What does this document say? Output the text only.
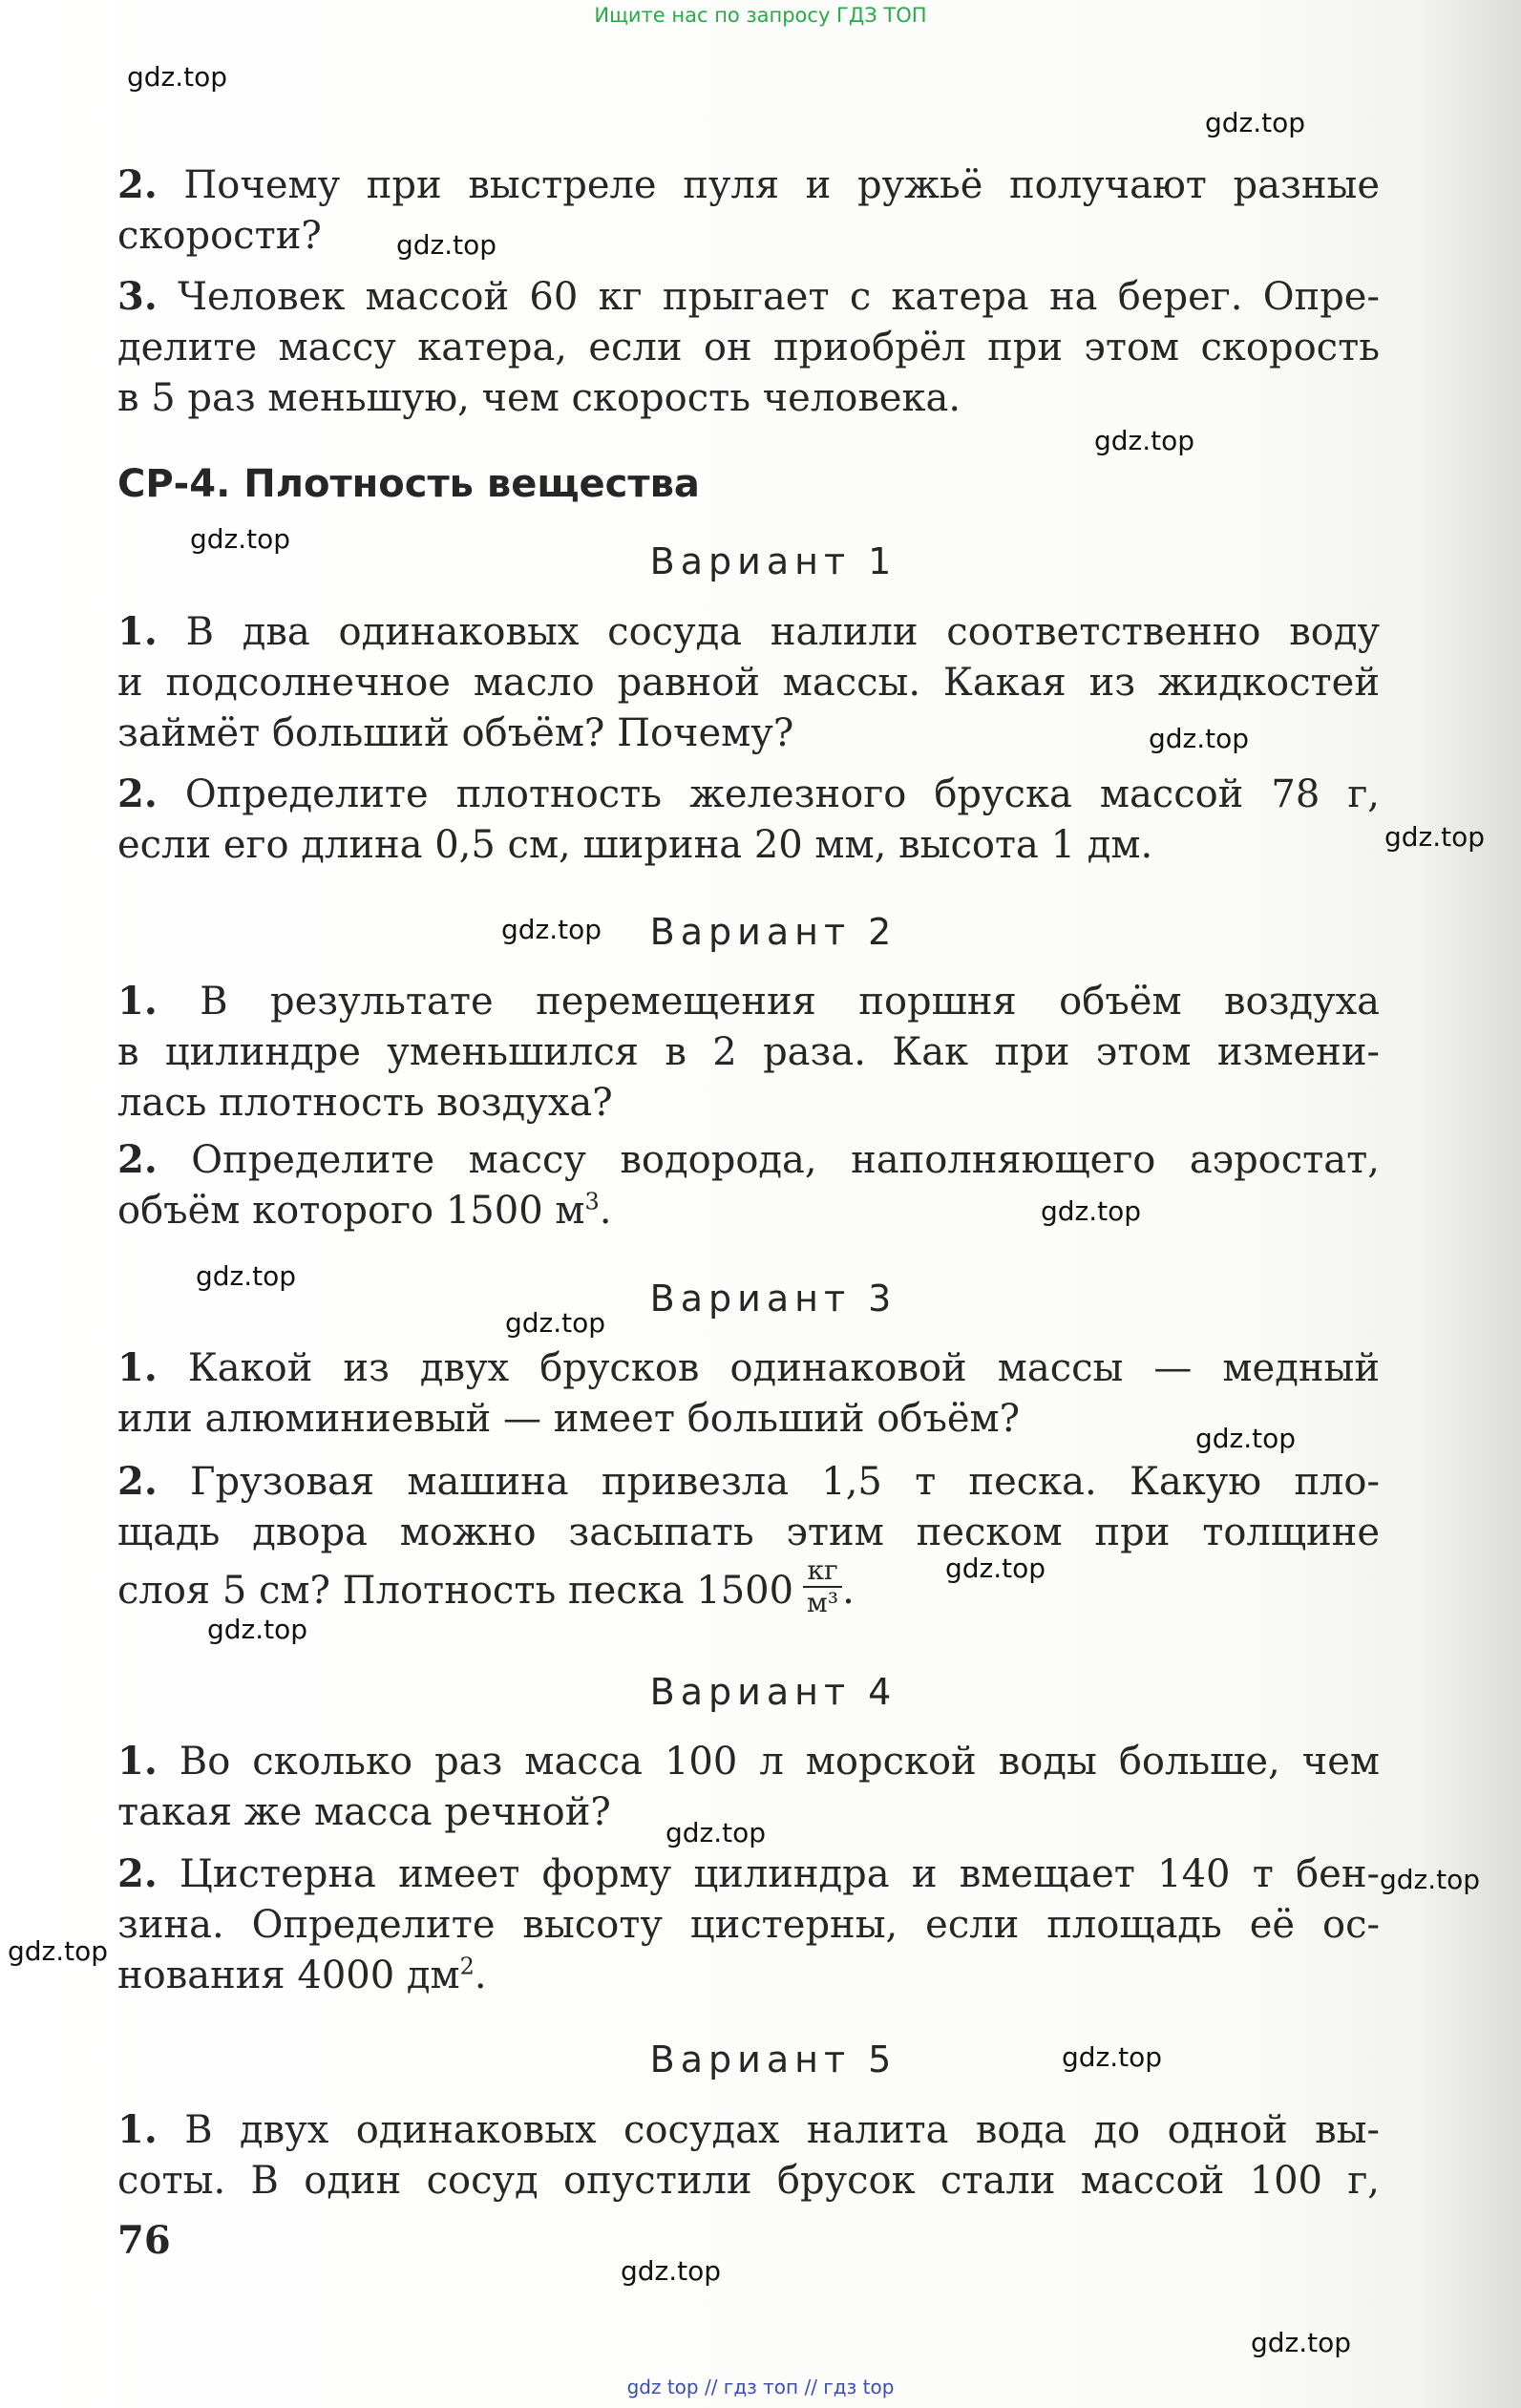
Ищите нас по запросу ГДЗ ТОП
gdz.top
gdz.top
gdz.top
gdz.top
gdz.top
gdz.top
gdz.top
gdz.top
gdz.top
gdz.top
gdz.top
gdz.top
gdz.top
gdz.top
gdz.top
gdz.top
gdz.top
gdz.top
gdz.top
gdz.top
2. Почему при выстреле пуля и ружьё получают разные
скорости?
3. Человек массой 60 кг прыгает с катера на берег. Опре-
делите массу катера, если он приобрёл при этом скорость
в 5 раз меньшую, чем скорость человека.
СР-4. Плотность вещества
Вариант 1
1. В два одинаковых сосуда налили соответственно воду
и подсолнечное масло равной массы. Какая из жидкостей
займёт больший объём? Почему?
2. Определите плотность железного бруска массой 78 г,
если его длина 0,5 см, ширина 20 мм, высота 1 дм.
Вариант 2
1. В результате перемещения поршня объём воздуха
в цилиндре уменьшился в 2 раза. Как при этом измени-
лась плотность воздуха?
2. Определите массу водорода, наполняющего аэростат,
объём которого 1500 $м^3$.
Вариант 3
1. Какой из двух брусков одинаковой массы — медный
или алюминиевый — имеет больший объём?
2. Грузовая машина привезла 1,5 т песка. Какую пло-
щадь двора можно засыпать этим песком при толщине
слоя 5 см? Плотность песка $1500 \frac{кг}{\text{м³}}$ .
Вариант 4
1. Во сколько раз масса 100 л морской воды больше, чем
такая же масса речной?
2. Цистерна имеет форму цилиндра и вмещает 140 т бен-
зина. Определите высоту цистерны, если площадь её ос-
нования 4000 $дм^2$.
Вариант 5
1. В двух одинаковых сосудах налита вода до одной вы-
соты. В один сосуд опустили брусок стали массой 100 г,
76
gdz top // гдз топ // гдз top
